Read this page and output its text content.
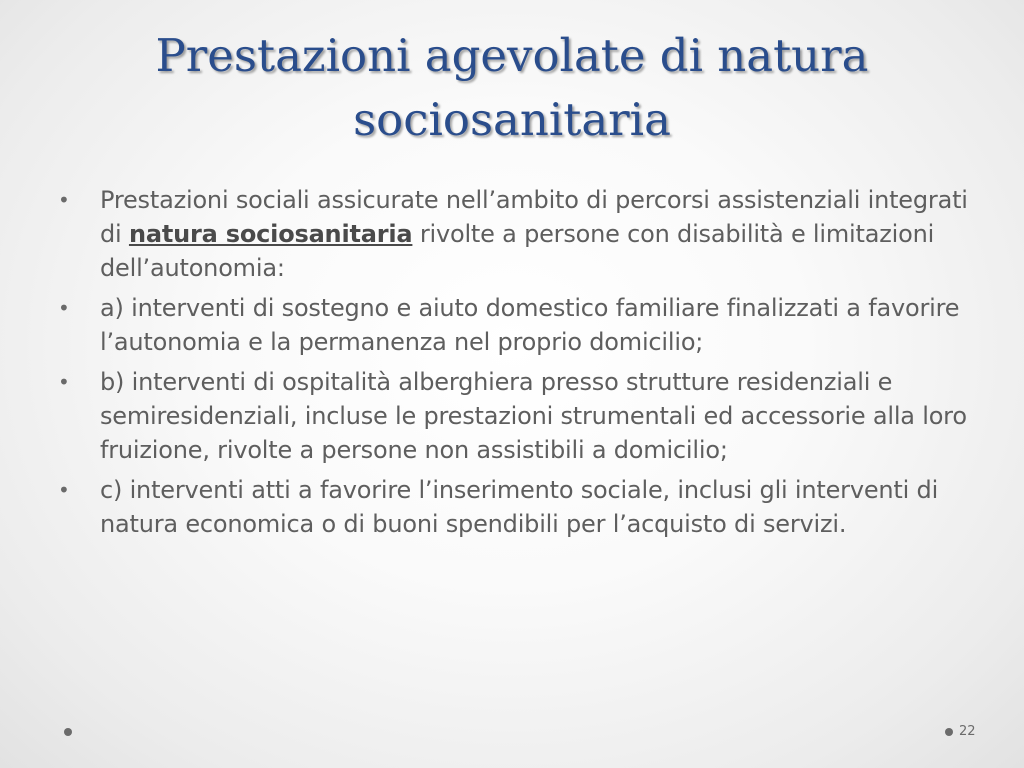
Prestazioni agevolate di natura
sociosanitaria
• Prestazioni sociali assicurate nell’ambito di percorsi assistenziali integrati di natura sociosanitaria rivolte a persone con disabilità e limitazioni dell’autonomia:
• a) interventi di sostegno e aiuto domestico familiare finalizzati a favorire l’autonomia e la permanenza nel proprio domicilio;
• b) interventi di ospitalità alberghiera presso strutture residenziali e semiresidenziali, incluse le prestazioni strumentali ed accessorie alla loro fruizione, rivolte a persone non assistibili a domicilio;
• c) interventi atti a favorire l’inserimento sociale, inclusi gli interventi di natura economica o di buoni spendibili per l’acquisto di servizi.
22
